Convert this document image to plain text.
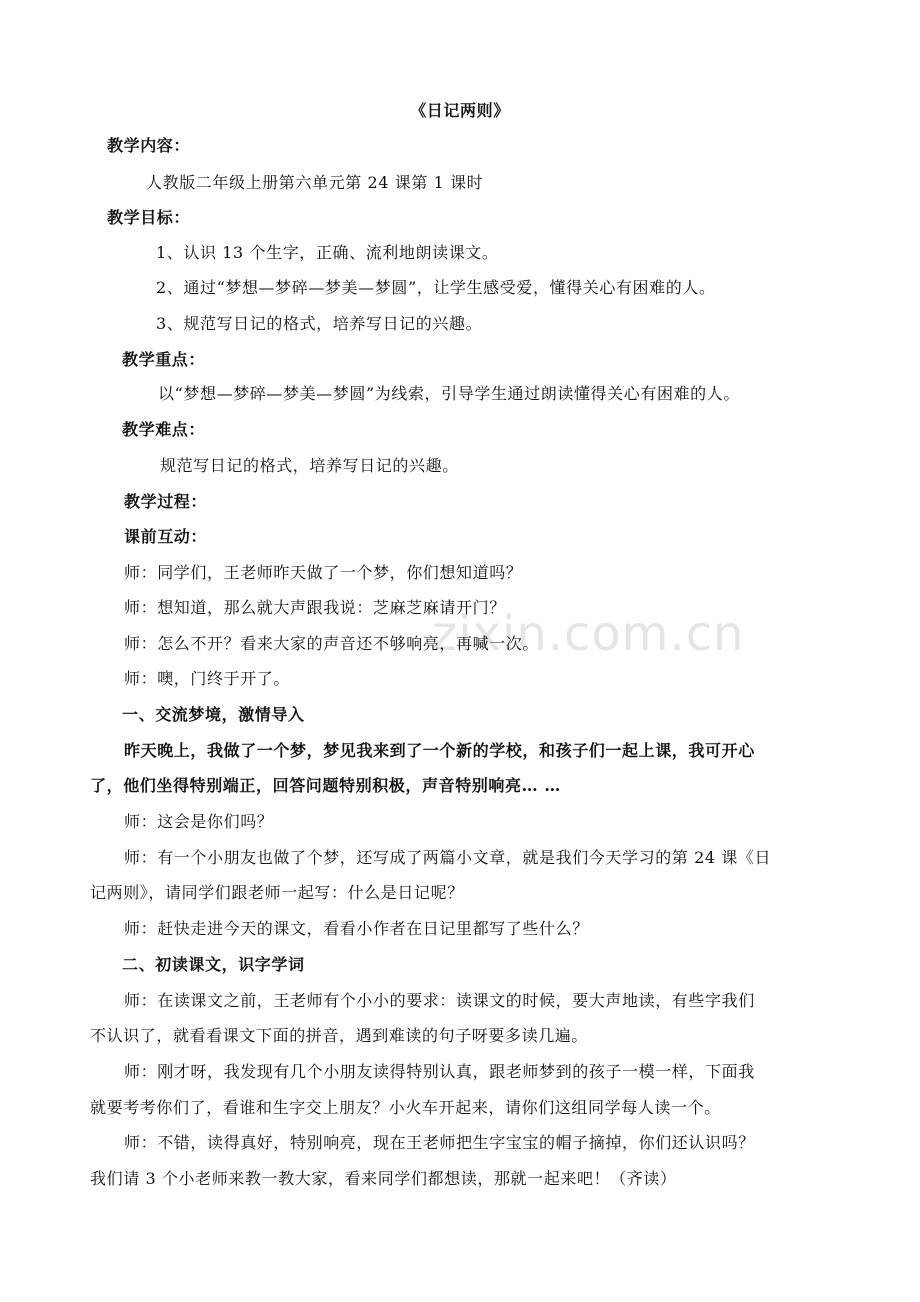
zixin.com.cn
《日记两则》
教学内容：
人教版二年级上册第六单元第 24 课第 1 课时
教学目标：
1、认识 13 个生字，正确、流利地朗读课文。
2、通过“梦想—梦碎—梦美—梦圆”，让学生感受爱，懂得关心有困难的人。
3、规范写日记的格式，培养写日记的兴趣。
教学重点：
以“梦想—梦碎—梦美—梦圆”为线索，引导学生通过朗读懂得关心有困难的人。
教学难点：
规范写日记的格式，培养写日记的兴趣。
教学过程：
课前互动：
师：同学们，王老师昨天做了一个梦，你们想知道吗？
师：想知道，那么就大声跟我说：芝麻芝麻请开门？
师：怎么不开？看来大家的声音还不够响亮，再喊一次。
师：噢，门终于开了。
一、交流梦境，激情导入
昨天晚上，我做了一个梦，梦见我来到了一个新的学校，和孩子们一起上课，我可开心
了，他们坐得特别端正，回答问题特别积极，声音特别响亮… …
师：这会是你们吗？
师：有一个小朋友也做了个梦，还写成了两篇小文章，就是我们今天学习的第 24 课《日
记两则》，请同学们跟老师一起写：什么是日记呢？
师：赶快走进今天的课文，看看小作者在日记里都写了些什么？
二、初读课文，识字学词
师：在读课文之前，王老师有个小小的要求：读课文的时候，要大声地读，有些字我们
不认识了，就看看课文下面的拼音，遇到难读的句子呀要多读几遍。
师：刚才呀，我发现有几个小朋友读得特别认真，跟老师梦到的孩子一模一样，下面我
就要考考你们了，看谁和生字交上朋友？小火车开起来，请你们这组同学每人读一个。
师：不错，读得真好，特别响亮，现在王老师把生字宝宝的帽子摘掉，你们还认识吗？
我们请 3 个小老师来教一教大家，看来同学们都想读，那就一起来吧！（齐读）
